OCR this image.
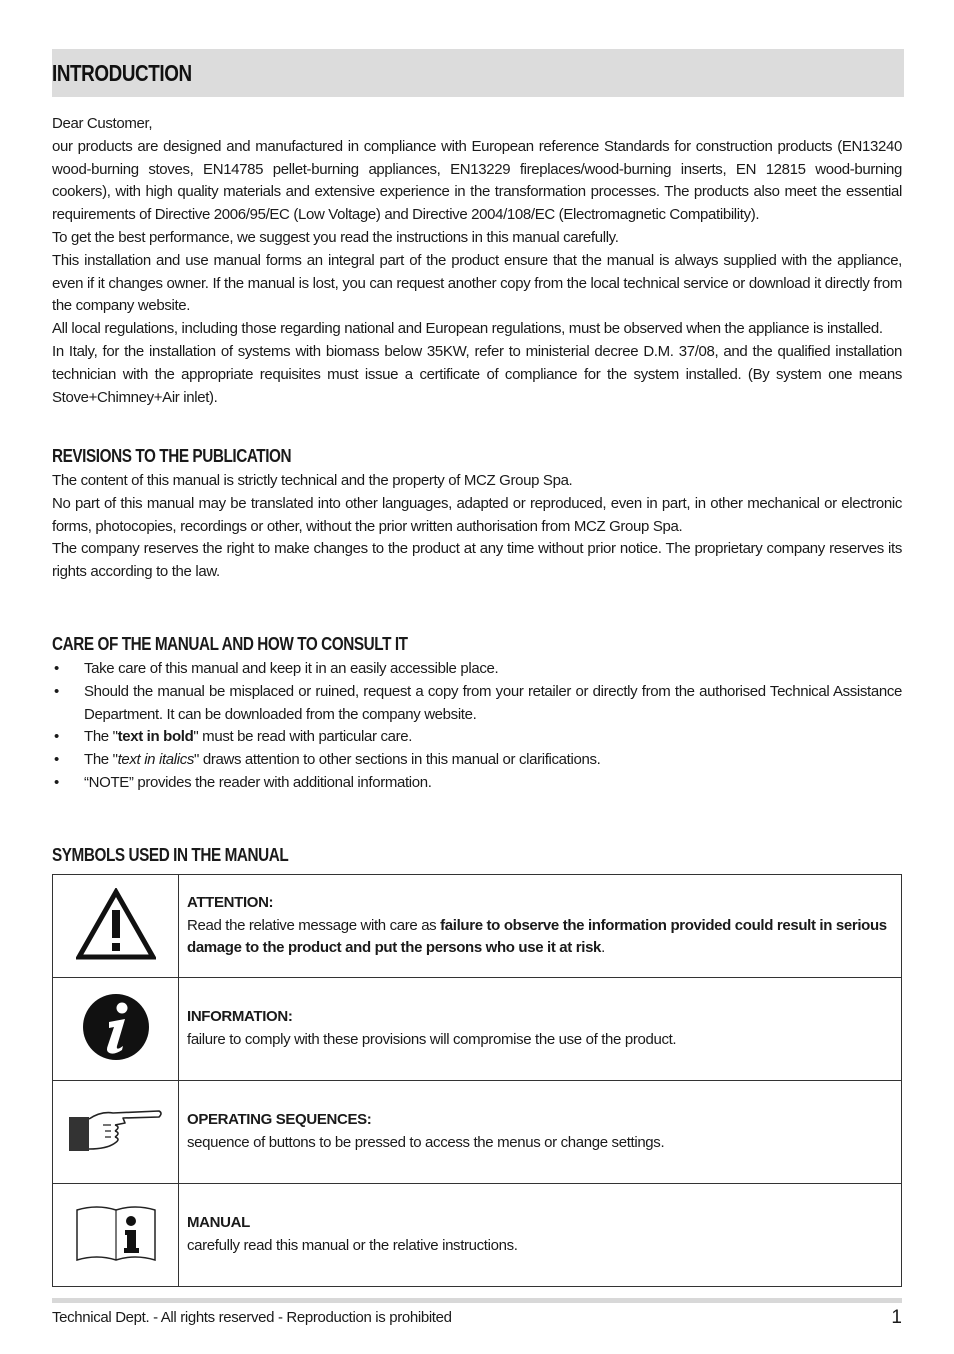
INTRODUCTION

Dear Customer,

our products are designed and manufactured in compliance with European reference Standards for construction products (EN13240 wood-burning stoves, EN14785 pellet-burning appliances, EN13229 fireplaces/wood-burning inserts, EN 12815 wood-burning cookers), with high quality materials and extensive experience in the transformation processes. The products also meet the essential requirements of Directive 2006/95/EC (Low Voltage) and Directive 2004/108/EC (Electromagnetic Compatibility).

To get the best performance, we suggest you read the instructions in this manual carefully.

This installation and use manual forms an integral part of the product ensure that the manual is always supplied with the appliance, even if it changes owner. If the manual is lost, you can request another copy from the local technical service or download it directly from the company website.

All local regulations, including those regarding national and European regulations, must be observed when the appliance is installed.

In Italy, for the installation of systems with biomass below 35KW, refer to ministerial decree D.M. 37/08, and the qualified installation technician with the appropriate requisites must issue a certificate of compliance for the system installed. (By system one means Stove+Chimney+Air inlet).

REVISIONS TO THE PUBLICATION

The content of this manual is strictly technical and the property of MCZ Group Spa.

No part of this manual may be translated into other languages, adapted or reproduced, even in part, in other mechanical or electronic forms, photocopies, recordings or other, without the prior written authorisation from MCZ Group Spa.

The company reserves the right to make changes to the product at any time without prior notice. The proprietary company reserves its rights according to the law.

CARE OF THE MANUAL AND HOW TO CONSULT IT
• Take care of this manual and keep it in an easily accessible place.
• Should the manual be misplaced or ruined, request a copy from your retailer or directly from the authorised Technical Assistance Department. It can be downloaded from the company website.
• The "text in bold" must be read with particular care.
• The "text in italics" draws attention to other sections in this manual or clarifications.
• “NOTE” provides the reader with additional information.
SYMBOLS USED IN THE MANUAL

ATTENTION:
Read the relative message with care as failure to observe the information provided could result in serious damage to the product and put the persons who use it at risk.

INFORMATION:
failure to comply with these provisions will compromise the use of the product.

OPERATING SEQUENCES:
sequence of buttons to be pressed to access the menus or change settings.

MANUAL
carefully read this manual or the relative instructions.
Technical Dept. - All rights reserved - Reproduction is prohibited	1
